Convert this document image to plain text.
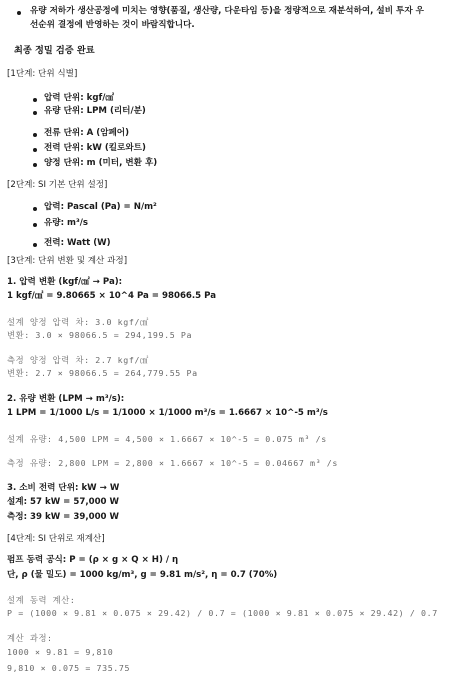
유량 저하가 생산공정에 미치는 영향(품질, 생산량, 다운타임 등)을 정량적으로 재분석하여, 설비 투자 우
선순위 결정에 반영하는 것이 바람직합니다.
최종 정밀 검증 완료
[1단계: 단위 식별]
압력 단위: kgf/㎠
유량 단위: LPM (리터/분)
전류 단위: A (암페어)
전력 단위: kW (킬로와트)
양정 단위: m (미터, 변환 후)
[2단계: SI 기본 단위 설정]
압력: Pascal (Pa) = N/m²
유량: m³/s
전력: Watt (W)
[3단계: 단위 변환 및 계산 과정]
1. 압력 변환 (kgf/㎠ → Pa):
1 kgf/㎠ = 9.80665 × 10^4 Pa = 98066.5 Pa
설계 양정 압력 차: 3.0 kgf/㎠
변환: 3.0 × 98066.5 = 294,199.5 Pa
측정 양정 압력 차: 2.7 kgf/㎠
변환: 2.7 × 98066.5 = 264,779.55 Pa
2. 유량 변환 (LPM → m³/s):
1 LPM = 1/1000 L/s = 1/1000 × 1/1000 m³/s = 1.6667 × 10^-5 m³/s
설계 유량: 4,500 LPM = 4,500 × 1.6667 × 10^-5 = 0.075 m³ /s
측정 유량: 2,800 LPM = 2,800 × 1.6667 × 10^-5 = 0.04667 m³ /s
3. 소비 전력 단위: kW → W
설계: 57 kW = 57,000 W
측정: 39 kW = 39,000 W
[4단계: SI 단위로 재계산]
펌프 동력 공식: P = (ρ × g × Q × H) / η
단, ρ (물 밀도) = 1000 kg/m³, g = 9.81 m/s², η = 0.7 (70%)
설계 동력 계산:
P = (1000 × 9.81 × 0.075 × 29.42) / 0.7 = (1000 × 9.81 × 0.075 × 29.42) / 0.7
계산 과정:
1000 × 9.81 = 9,810
9,810 × 0.075 = 735.75
